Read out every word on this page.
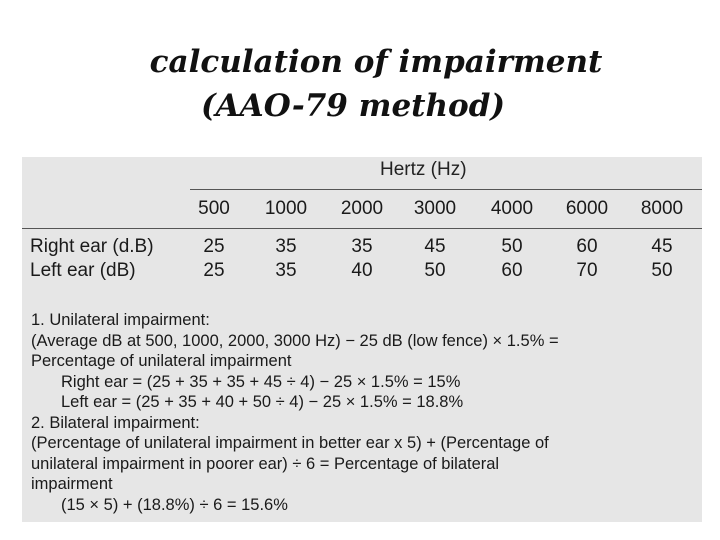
calculation of impairment
(AAO-79 method)
Hertz (Hz)
500	1000	2000	3000	4000	6000	8000
Right ear (d.B)	25	35	35	45	50	60	45
Left ear (dB)	25	35	40	50	60	70	50
1. Unilateral impairment:
(Average dB at 500, 1000, 2000, 3000 Hz) − 25 dB (low fence) × 1.5% =
Percentage of unilateral impairment
Right ear = (25 + 35 + 35 + 45 ÷ 4) − 25 × 1.5% = 15%
Left ear = (25 + 35 + 40 + 50 ÷ 4) − 25 × 1.5% = 18.8%
2. Bilateral impairment:
(Percentage of unilateral impairment in better ear x 5) + (Percentage of
unilateral impairment in poorer ear) ÷ 6 = Percentage of bilateral
impairment
(15 × 5) + (18.8%) ÷ 6 = 15.6%
